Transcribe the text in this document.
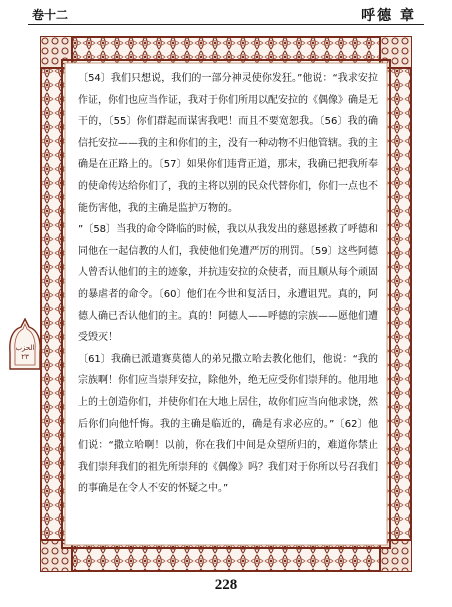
卷十二	呼德 章

〔54〕我们只想说，我们的一部分神灵使你发狂。”他说：“我求安拉作证，你们也应当作证，我对于你们所用以配安拉的《偶像》确是无干的，〔55〕你们群起而谋害我吧！而且不要宽恕我。〔56〕我的确信托安拉——我的主和你们的主，没有一种动物不归他管辖。我的主确是在正路上的。〔57〕如果你们违背正道，那末，我确已把我所奉的使命传达给你们了，我的主将以别的民众代替你们，你们一点也不能伤害他，我的主确是监护万物的。

”〔58〕当我的命令降临的时候，我以从我发出的慈恩拯救了呼德和同他在一起信教的人们，我使他们免遭严厉的刑罚。〔59〕这些阿德人曾否认他们的主的迹象，并抗违安拉的众使者，而且顺从每个顽固的暴虐者的命令。〔60〕他们在今世和复活日，永遭诅咒。真的，阿德人确已否认他们的主。真的！阿德人——呼德的宗族——愿他们遭受毁灭！

〔61〕我确已派遣赛莫德人的弟兄撒立哈去教化他们，他说：“我的宗族啊！你们应当崇拜安拉，除他外，绝无应受你们崇拜的。他用地上的土创造你们，并使你们在大地上居住，故你们应当向他求饶，然后你们向他忏悔。我的主确是临近的，确是有求必应的。”〔62〕他们说：“撒立哈啊！以前，你在我们中间是众望所归的，难道你禁止我们崇拜我们的祖先所崇拜的《偶像》吗？我们对于你所以号召我们的事确是在令人不安的怀疑之中。”

الحزب
٢٣
228
